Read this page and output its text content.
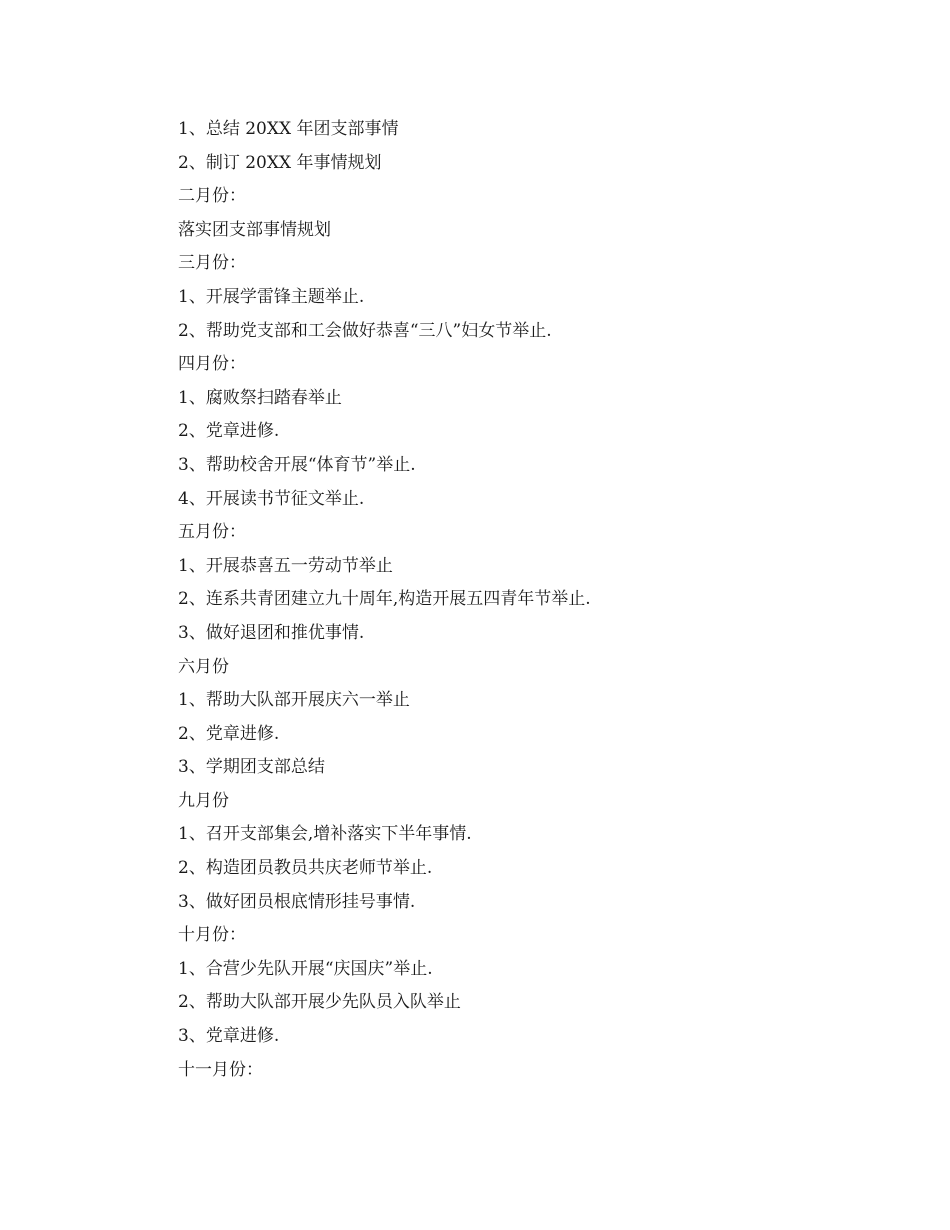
1、总结 20XX 年团支部事情
2、制订 20XX 年事情规划
二月份：
落实团支部事情规划
三月份：
1、开展学雷锋主题举止.
2、帮助党支部和工会做好恭喜“三八”妇女节举止.
四月份：
1、腐败祭扫踏春举止
2、党章进修.
3、帮助校舍开展“体育节”举止.
4、开展读书节征文举止.
五月份：
1、开展恭喜五一劳动节举止
2、连系共青团建立九十周年,构造开展五四青年节举止.
3、做好退团和推优事情.
六月份
1、帮助大队部开展庆六一举止
2、党章进修.
3、学期团支部总结
九月份
1、召开支部集会,增补落实下半年事情.
2、构造团员教员共庆老师节举止.
3、做好团员根底情形挂号事情.
十月份：
1、合营少先队开展“庆国庆”举止.
2、帮助大队部开展少先队员入队举止
3、党章进修.
十一月份：
